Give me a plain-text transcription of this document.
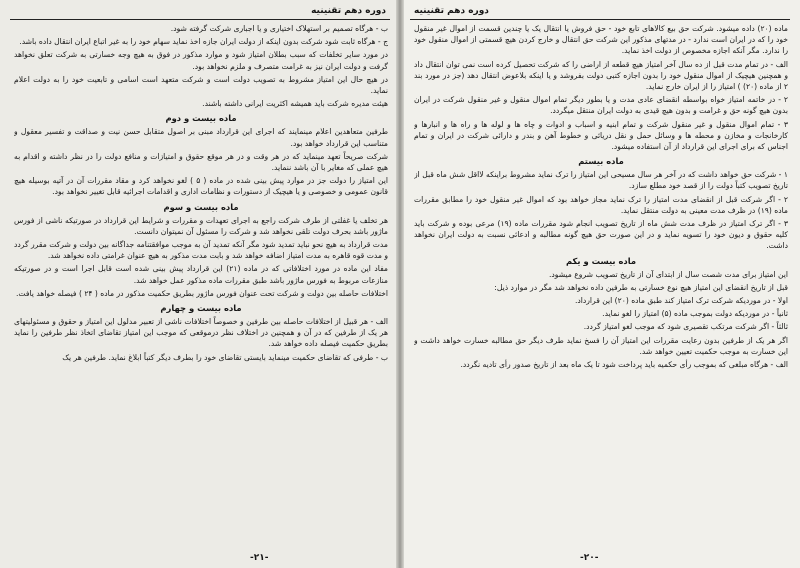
دوره دهم تقنینیه
ب - هرگاه تصمیم بر استهلاک اختیاری و یا اجباری شرکت گرفته شود.
ج - هرگاه ثابت شود شرکت بدون اینکه از دولت ایران جازه اخذ نماید سهام خود را به غیر اتباع ایران انتقال داده باشد.
در مورد سایر تخلفات که سبب بطلان امتیاز شود و موارد مذکور در فوق به هیچ وجه خسارتی به شرکت تعلق نخواهد گرفت و دولت ایران نیز به غرامت متصرف و ملزم نخواهد بود.
در هیچ حال این امتیاز مشروط به تصویب دولت است و شرکت متعهد است اسامی و تابعیت خود را به دولت اعلام نماید.
هیئت مدیره شرکت باید همیشه اکثریت ایرانی داشته باشند.
ماده بیست و دوم
طرفین متعاهدین اعلام مینمایند که اجرای این قرارداد مبنی بر اصول متقابل حسن نیت و صداقت و تفسیر معقول و متناسب این قرارداد خواهد بود.
شرکت صریحاً تعهد مینماید که در هر وقت و در هر موقع حقوق و امتیازات و منافع دولت را در نظر داشته و اقدام به هیچ عملی که مغایر با آن باشد ننماید.
این امتیاز را دولت جز در موارد پیش بینی شده در ماده ( ۵ ) لغو نخواهد کرد و مقاد مقررات آن در آتیه بوسیله هیچ قانون عمومی و خصوصی و یا هیچیک از دستورات و نظامات اداری و اقدامات اجرائیه قابل تغییر نخواهد بود.
ماده بیست و سوم
هر تخلف یا غفلتی از طرف شرکت راجع به اجرای تعهدات و مقررات و شرایط این قرارداد در صورتیکه ناشی از فورس ماژور باشد بحرف دولت تلقی نخواهد شد و شرکت را مسئول آن نمیتوان دانست.
مدت قرارداد به هیچ نحو نباید تمدید شود مگر آنکه تمدید آن به موجب موافقتنامه جداگانه بین دولت و شرکت مقرر گردد و مدت قوه قاهره به مدت امتیاز اضافه خواهد شد و بابت مدت مذکور به هیچ عنوان غرامتی داده نخواهد شد.
مفاد این ماده در مورد اختلافاتی که در ماده (۲۱) این قرارداد پیش بینی شده است قابل اجرا است و در صورتیکه منازعات مربوط به فورس ماژور باشد طبق مقررات ماده مذکور عمل خواهد شد.
اختلافات حاصله بین دولت و شرکت تحت عنوان فورس ماژور بطریق حکمیت مذکور در ماده ( ۲۴ ) فیصله خواهد یافت.
ماده بیست و چهارم
الف - هر قبیل از اختلافات حاصله بین طرفین و خصوصاً اختلافات ناشی از تعبیر مدلول این امتیاز و حقوق و مسئولیتهای هر یک از طرفین که در آن و همچنین در اختلاف نظر درموقعی که موجب این امتیاز تقاضای اتخاذ نظر طرفین را نماید بطریق حکمیت فیصله داده خواهد شد.
ب - طرفی که تقاضای حکمیت مینماید بایستی تقاضای خود را بطرف دیگر کتباً ابلاغ نماید. طرفین هر یک
-۲۱-
دوره دهم تقنینیه
ماده (۲۰) داده میشود. شرکت حق بیع کالاهای تابع خود - حق فروش یا انتقال یک یا چندین قسمت از اموال غیر منقول خود را که در ایران است ندارد - در مدتهای مذکور این شرکت حق انتقال و خارج کردن هیچ قسمتی از اموال منقول خود را ندارد. مگر آنکه اجازه مخصوص از دولت اخذ نماید.
الف - در تمام مدت قبل از ده سال آخر امتیاز هیچ قطعه از اراضی را که شرکت تحصیل کرده است نمی توان انتقال داد و همچنین هیچیک از اموال منقول خود را بدون اجازه کتبی دولت بفروشد و یا اینکه بلاعوض انتقال دهد (جز در مورد بند ۲ از ماده (۲۰) ) امتیاز را از ایران خارج نماید.
۲ - در خاتمه امتیاز خواه بواسطه انقضای عادی مدت و یا بطور دیگر تمام اموال منقول و غیر منقول شرکت در ایران بدون هیچ گونه حق و غرامت و بدون هیچ قیدی به دولت ایران منتقل میگردد.
۳ - تمام اموال منقول و غیر منقول شرکت و تمام ابنیه و اسباب و ادوات و چاه ها و لوله ها و راه ها و انبارها و کارخانجات و مخازن و محطه ها و وسائل حمل و نقل دریائی و خطوط آهن و بندر و دارائی شرکت در ایران و تمام اجناس که برای اجرای این قرارداد از آن استفاده میشود.
ماده بیستم
۱ - شرکت حق خواهد داشت که در آخر هر سال مسیحی این امتیاز را ترک نماید مشروط براینکه لااقل شش ماه قبل از تاریخ تصویب کتباً دولت را از قصد خود مطلع سازد.
۲ - اگر شرکت قبل از انقضای مدت امتیاز را ترک نماید مجاز خواهد بود که اموال غیر منقول خود را مطابق مقررات ماده (۱۹) در ظرف مدت معینی به دولت منتقل نماید.
۳ - اگر ترک امتیاز در ظرف مدت شش ماه از تاریخ تصویب انجام شود مقررات ماده (۱۹) مرعی بوده و شرکت باید کلیه حقوق و دیون خود را تسویه نماید و در این صورت حق هیچ گونه مطالبه و ادعائی نسبت به دولت ایران نخواهد داشت.
ماده بیست و یکم
این امتیاز برای مدت شصت سال از ابتدای آن از تاریخ تصویب شروع میشود.
قبل از تاریخ انقضای این امتیاز هیچ نوع خسارتی به طرفین داده نخواهد شد مگر در موارد ذیل:
اولا - در موردیکه شرکت ترک امتیاز کند طبق ماده (۲۰) این قرارداد.
ثانیاً - در موردیکه دولت بموجب ماده (۵) امتیاز را لغو نماید.
ثالثاً - اگر شرکت مرتکب تقصیری شود که موجب لغو امتیاز گردد.
اگر هر یک از طرفین بدون رعایت مقررات این امتیاز آن را فسخ نماید طرف دیگر حق مطالبه خسارت خواهد داشت و این خسارت به موجب حکمیت تعیین خواهد شد.
الف - هرگاه مبلغی که بموجب رأی حکمیه باید پرداخت شود تا یک ماه بعد از تاریخ صدور رأی تادیه نگردد.
-۲۰-
